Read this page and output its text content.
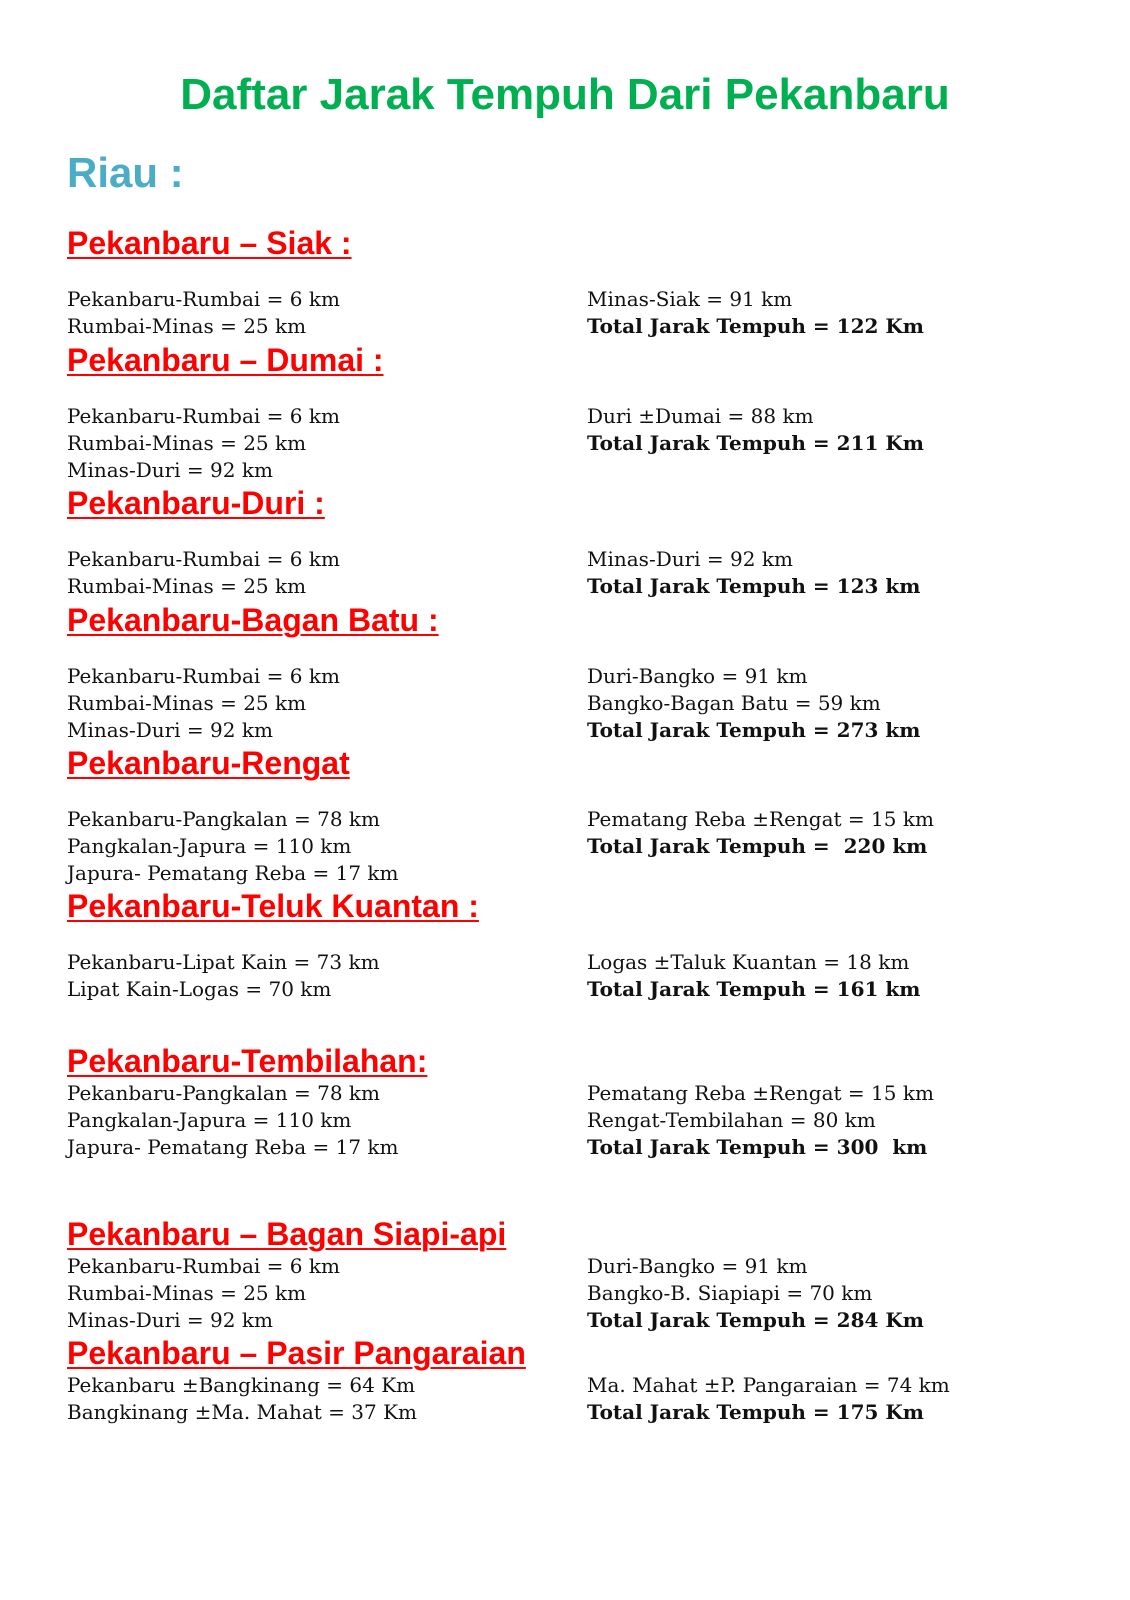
Daftar Jarak Tempuh Dari Pekanbaru
Riau :
Pekanbaru – Siak :
Pekanbaru-Rumbai = 6 km
Rumbai-Minas = 25 km
Minas-Siak = 91 km
Total Jarak Tempuh = 122 Km
Pekanbaru – Dumai :
Pekanbaru-Rumbai = 6 km
Rumbai-Minas = 25 km
Minas-Duri = 92 km
Duri ±Dumai = 88 km
Total Jarak Tempuh = 211 Km
Pekanbaru-Duri :
Pekanbaru-Rumbai = 6 km
Rumbai-Minas = 25 km
Minas-Duri = 92 km
Total Jarak Tempuh = 123 km
Pekanbaru-Bagan Batu :
Pekanbaru-Rumbai = 6 km
Rumbai-Minas = 25 km
Minas-Duri = 92 km
Duri-Bangko = 91 km
Bangko-Bagan Batu = 59 km
Total Jarak Tempuh = 273 km
Pekanbaru-Rengat
Pekanbaru-Pangkalan = 78 km
Pangkalan-Japura = 110 km
Japura- Pematang Reba = 17 km
Pematang Reba ±Rengat = 15 km
Total Jarak Tempuh =  220 km
Pekanbaru-Teluk Kuantan :
Pekanbaru-Lipat Kain = 73 km
Lipat Kain-Logas = 70 km
Logas ±Taluk Kuantan = 18 km
Total Jarak Tempuh = 161 km
Pekanbaru-Tembilahan:
Pekanbaru-Pangkalan = 78 km
Pangkalan-Japura = 110 km
Japura- Pematang Reba = 17 km
Pematang Reba ±Rengat = 15 km
Rengat-Tembilahan = 80 km
Total Jarak Tempuh = 300  km
Pekanbaru – Bagan Siapi-api
Pekanbaru-Rumbai = 6 km
Rumbai-Minas = 25 km
Minas-Duri = 92 km
Duri-Bangko = 91 km
Bangko-B. Siapiapi = 70 km
Total Jarak Tempuh = 284 Km
Pekanbaru – Pasir Pangaraian
Pekanbaru ±Bangkinang = 64 Km
Bangkinang ±Ma. Mahat = 37 Km
Ma. Mahat ±P. Pangaraian = 74 km
Total Jarak Tempuh = 175 Km
